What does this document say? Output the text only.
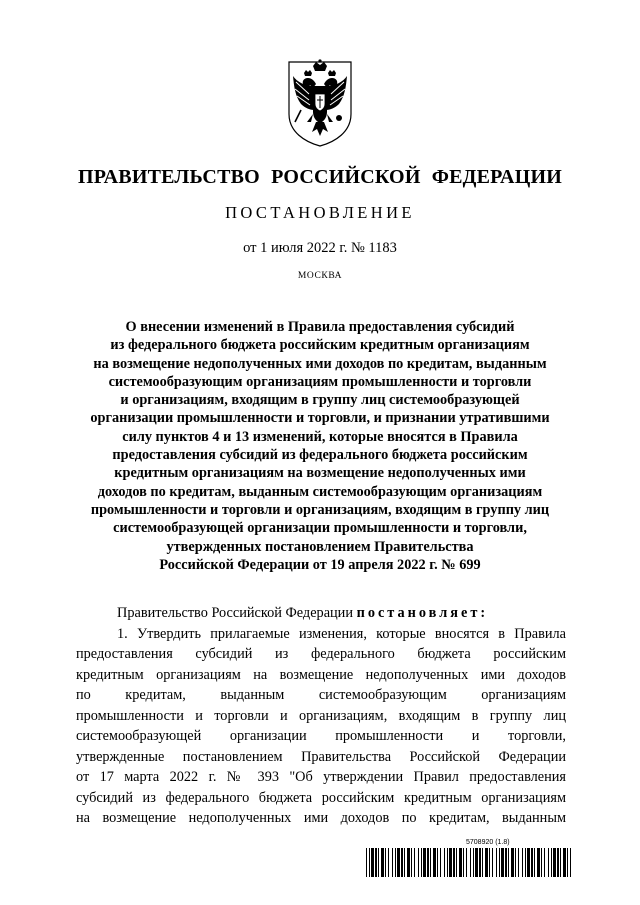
ПРАВИТЕЛЬСТВО РОССИЙСКОЙ ФЕДЕРАЦИИ
ПОСТАНОВЛЕНИЕ
от 1 июля 2022 г. № 1183
МОСКВА
О внесении изменений в Правила предоставления субсидий
из федерального бюджета российским кредитным организациям
на возмещение недополученных ими доходов по кредитам, выданным
системообразующим организациям промышленности и торговли
и организациям, входящим в группу лиц системообразующей
организации промышленности и торговли, и признании утратившими
силу пунктов 4 и 13 изменений, которые вносятся в Правила
предоставления субсидий из федерального бюджета российским
кредитным организациям на возмещение недополученных ими
доходов по кредитам, выданным системообразующим организациям
промышленности и торговли и организациям, входящим в группу лиц
системообразующей организации промышленности и торговли,
утвержденных постановлением Правительства
Российской Федерации от 19 апреля 2022 г. № 699
Правительство Российской Федерации постановляет:
1. Утвердить прилагаемые изменения, которые вносятся в Правила
предоставления субсидий из федерального бюджета российским
кредитным организациям на возмещение недополученных ими доходов
по кредитам, выданным системообразующим организациям
промышленности и торговли и организациям, входящим в группу лиц
системообразующей организации промышленности и торговли,
утвержденные постановлением Правительства Российской Федерации
от 17 марта 2022 г. № 393 "Об утверждении Правил предоставления
субсидий из федерального бюджета российским кредитным организациям
на возмещение недополученных ими доходов по кредитам, выданным
5708920 (1.8)
